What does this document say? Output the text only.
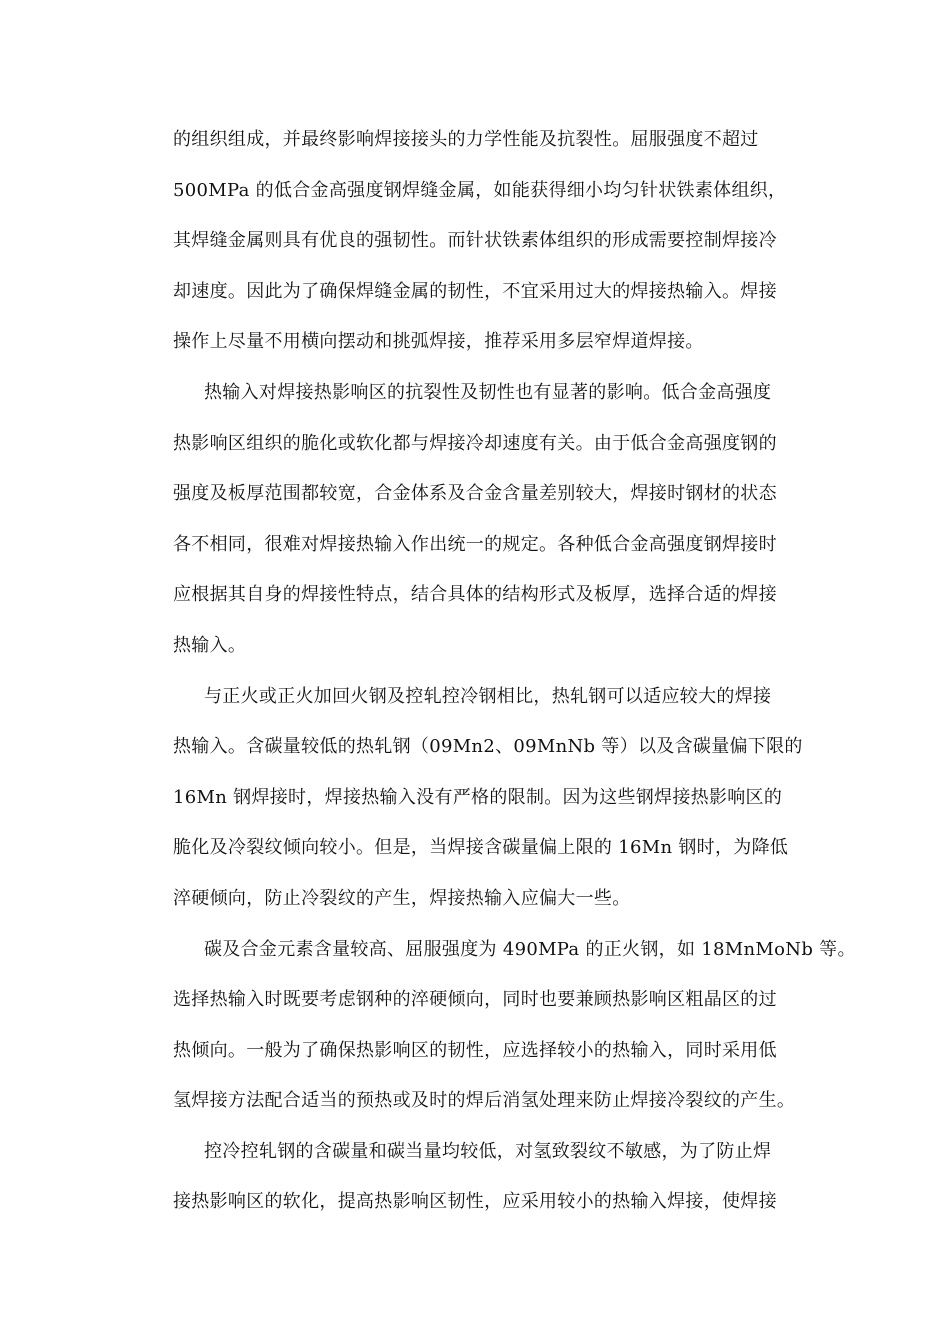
的组织组成，并最终影响焊接接头的力学性能及抗裂性。屈服强度不超过
500MPa 的低合金高强度钢焊缝金属，如能获得细小均匀针状铁素体组织，
其焊缝金属则具有优良的强韧性。而针状铁素体组织的形成需要控制焊接冷
却速度。因此为了确保焊缝金属的韧性，不宜采用过大的焊接热输入。焊接
操作上尽量不用横向摆动和挑弧焊接，推荐采用多层窄焊道焊接。
热输入对焊接热影响区的抗裂性及韧性也有显著的影响。低合金高强度
热影响区组织的脆化或软化都与焊接冷却速度有关。由于低合金高强度钢的
强度及板厚范围都较宽，合金体系及合金含量差别较大，焊接时钢材的状态
各不相同，很难对焊接热输入作出统一的规定。各种低合金高强度钢焊接时
应根据其自身的焊接性特点，结合具体的结构形式及板厚，选择合适的焊接
热输入。
与正火或正火加回火钢及控轧控冷钢相比，热轧钢可以适应较大的焊接
热输入。含碳量较低的热轧钢（09Mn2、09MnNb 等）以及含碳量偏下限的
16Mn 钢焊接时，焊接热输入没有严格的限制。因为这些钢焊接热影响区的
脆化及冷裂纹倾向较小。但是，当焊接含碳量偏上限的 16Mn 钢时，为降低
淬硬倾向，防止冷裂纹的产生，焊接热输入应偏大一些。
碳及合金元素含量较高、屈服强度为 490MPa 的正火钢，如 18MnMoNb 等。
选择热输入时既要考虑钢种的淬硬倾向，同时也要兼顾热影响区粗晶区的过
热倾向。一般为了确保热影响区的韧性，应选择较小的热输入，同时采用低
氢焊接方法配合适当的预热或及时的焊后消氢处理来防止焊接冷裂纹的产生。
控冷控轧钢的含碳量和碳当量均较低，对氢致裂纹不敏感，为了防止焊
接热影响区的软化，提高热影响区韧性，应采用较小的热输入焊接，使焊接
